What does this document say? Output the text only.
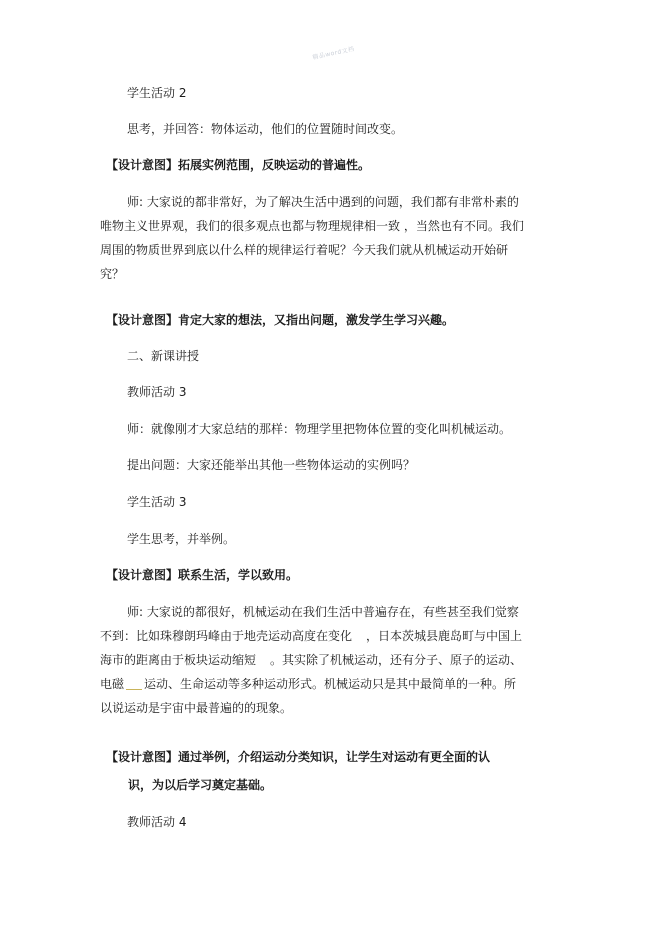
精品word文档

学生活动 2

思考，并回答：物体运动，他们的位置随时间改变。

【设计意图】拓展实例范围，反映运动的普遍性。

师: 大家说的都非常好，为了解决生活中遇到的问题，我们都有非常朴素的
唯物主义世界观，我们的很多观点也都与物理规律相一致 ，当然也有不同。我们
周围的物质世界到底以什么样的规律运行着呢？今天我们就从机械运动开始研
究？

【设计意图】肯定大家的想法，又指出问题，激发学生学习兴趣。

二、新课讲授

教师活动 3

师：就像刚才大家总结的那样：物理学里把物体位置的变化叫机械运动。

提出问题：大家还能举出其他一些物体运动的实例吗？

学生活动 3

学生思考，并举例。

【设计意图】联系生活，学以致用。

师: 大家说的都很好，机械运动在我们生活中普遍存在，有些甚至我们觉察
不到：比如珠穆朗玛峰由于地壳运动高度在变化 ，日本茨城县鹿岛町与中国上
海市的距离由于板块运动缩短 。其实除了机械运动，还有分子、原子的运动、
电磁 运动、生命运动等多种运动形式。机械运动只是其中最简单的一种。所
以说运动是宇宙中最普遍的的现象。
【设计意图】通过举例，介绍运动分类知识，让学生对运动有更全面的认
识，为以后学习奠定基础。

教师活动 4
